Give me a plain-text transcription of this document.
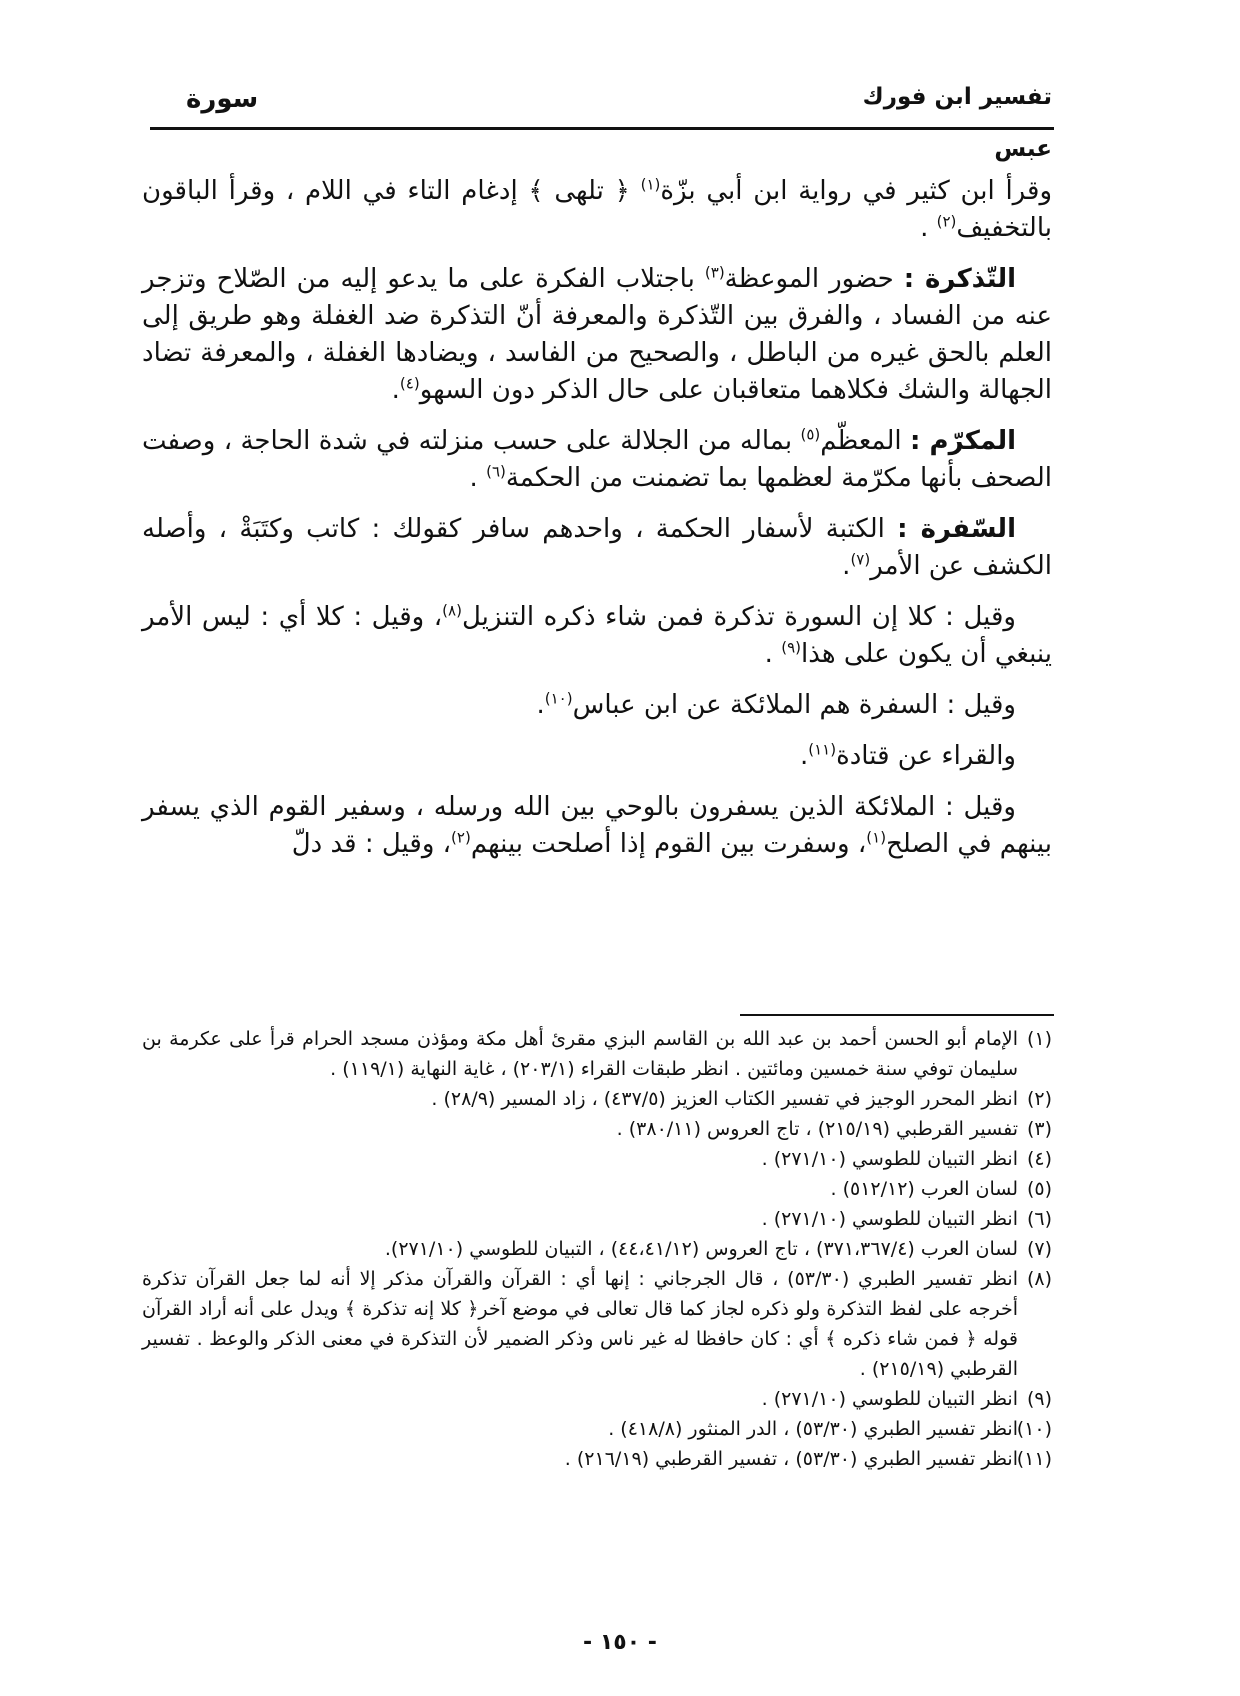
تفسير ابن فورك
سورة
عبس

وقرأ ابن كثير في رواية ابن أبي بزّة$^{(١)}$ ﴿ تلهى ﴾ إدغام التاء في اللام ، وقرأ الباقون بالتخفيف$^{(٢)}$ .

التّذكرة : حضور الموعظة$^{(٣)}$ باجتلاب الفكرة على ما يدعو إليه من الصّلاح وتزجر عنه من الفساد ، والفرق بين التّذكرة والمعرفة أنّ التذكرة ضد الغفلة وهو طريق إلى العلم بالحق غيره من الباطل ، والصحيح من الفاسد ، ويضادها الغفلة ، والمعرفة تضاد الجهالة والشك فكلاهما متعاقبان على حال الذكر دون السهو$^{(٤)}$.

المكرّم : المعظّم$^{(٥)}$ بماله من الجلالة على حسب منزلته في شدة الحاجة ، وصفت الصحف بأنها مكرّمة لعظمها بما تضمنت من الحكمة$^{(٦)}$ .

السّفرة : الكتبة لأسفار الحكمة ، واحدهم سافر كقولك : كاتب وكتَبَةْ ، وأصله الكشف عن الأمر$^{(٧)}$.

وقيل : كلا إن السورة تذكرة فمن شاء ذكره التنزيل$^{(٨)}$، وقيل : كلا أي : ليس الأمر ينبغي أن يكون على هذا$^{(٩)}$ .

وقيل : السفرة هم الملائكة عن ابن عباس$^{(١٠)}$.

والقراء عن قتادة$^{(١١)}$.

وقيل : الملائكة الذين يسفرون بالوحي بين الله ورسله ، وسفير القوم الذي يسفر بينهم في الصلح$^{(١)}$، وسفرت بين القوم إذا أصلحت بينهم$^{(٢)}$، وقيل : قد دلّ

(١)الإمام أبو الحسن أحمد بن عبد الله بن القاسم البزي مقرئ أهل مكة ومؤذن مسجد الحرام قرأ على عكرمة بن سليمان توفي سنة خمسين ومائتين . انظر طبقات القراء (٢٠٣/١) ، غاية النهاية (١١٩/١) .
(٢)انظر المحرر الوجيز في تفسير الكتاب العزيز (٤٣٧/٥) ، زاد المسير (٢٨/٩) .
(٣)تفسير القرطبي (٢١٥/١٩) ، تاج العروس (٣٨٠/١١) .
(٤)انظر التبيان للطوسي (٢٧١/١٠) .
(٥)لسان العرب (٥١٢/١٢) .
(٦)انظر التبيان للطوسي (٢٧١/١٠) .
(٧)لسان العرب (٣٧١،٣٦٧/٤) ، تاج العروس (٤٤،٤١/١٢) ، التبيان للطوسي (٢٧١/١٠).
(٨)انظر تفسير الطبري (٥٣/٣٠) ، قال الجرجاني : إنها أي : القرآن والقرآن مذكر إلا أنه لما جعل القرآن تذكرة أخرجه على لفظ التذكرة ولو ذكره لجاز كما قال تعالى في موضع آخر﴿ كلا إنه تذكرة ﴾ ويدل على أنه أراد القرآن قوله ﴿ فمن شاء ذكره ﴾ أي : كان حافظا له غير ناس وذكر الضمير لأن التذكرة في معنى الذكر والوعظ . تفسير القرطبي (٢١٥/١٩) .
(٩)انظر التبيان للطوسي (٢٧١/١٠) .
(١٠)انظر تفسير الطبري (٥٣/٣٠) ، الدر المنثور (٤١٨/٨) .
(١١)انظر تفسير الطبري (٥٣/٣٠) ، تفسير القرطبي (٢١٦/١٩) .
- ١٥٠ -
